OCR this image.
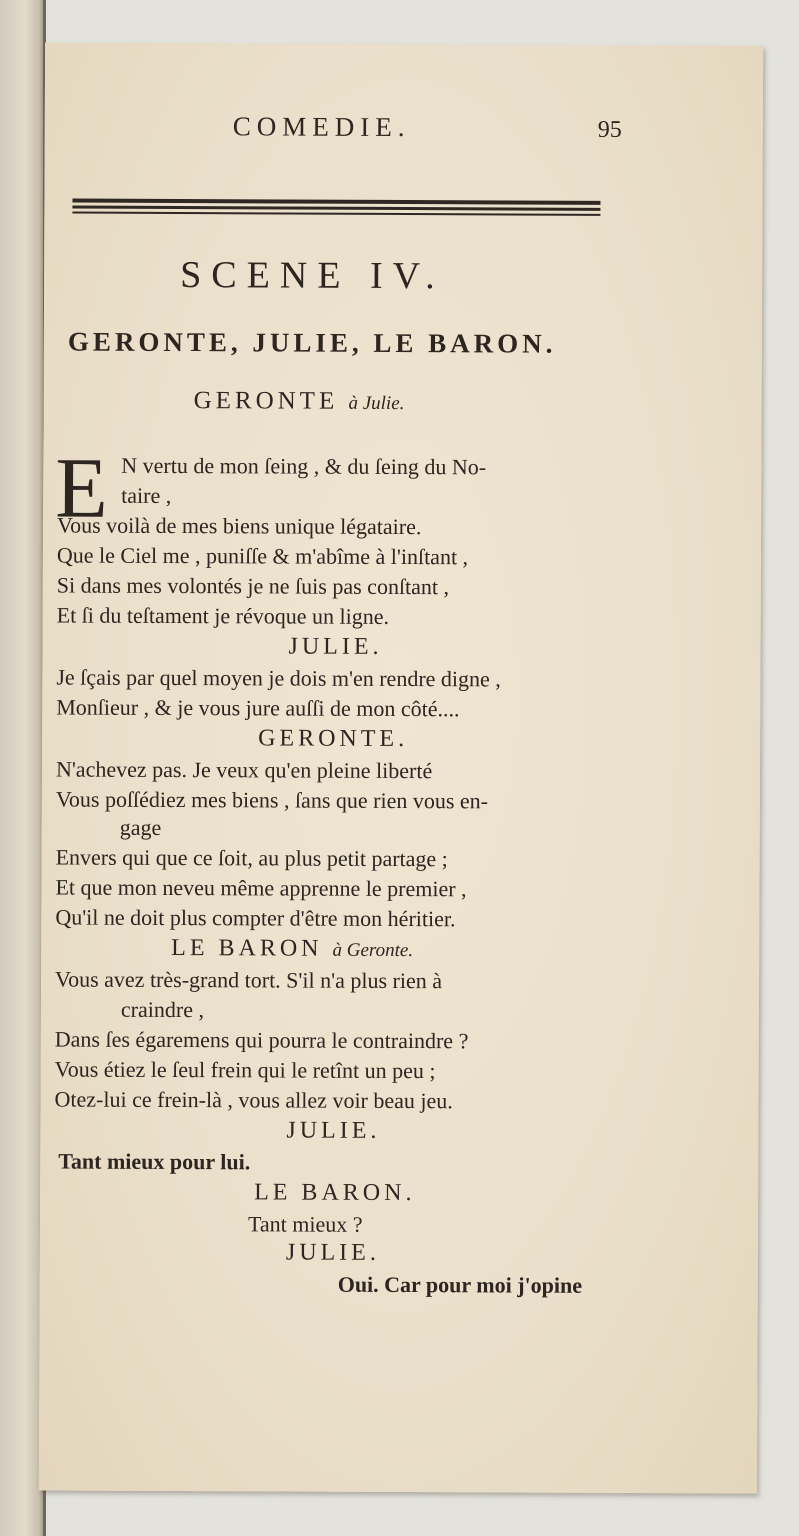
COMEDIE.	95
SCENE IV.
GERONTE, JULIE, LE BARON.
GERONTE à Julie.
E N vertu de mon ſeing , & du ſeing du No-
taire ,
Vous voilà de mes biens unique légataire.
Que le Ciel me , puniſſe & m'abîme à l'inſtant ,
Si dans mes volontés je ne ſuis pas conſtant ,
Et ſi du teſtament je révoque un ligne.
JULIE.
Je ſçais par quel moyen je dois m'en rendre digne ,
Monſieur , & je vous jure auſſi de mon côté....
GERONTE.
N'achevez pas. Je veux qu'en pleine liberté
Vous poſſédiez mes biens , ſans que rien vous en-
gage
Envers qui que ce ſoit, au plus petit partage ;
Et que mon neveu même apprenne le premier ,
Qu'il ne doit plus compter d'être mon héritier.
LE BARON à Geronte.
Vous avez très-grand tort. S'il n'a plus rien à
craindre ,
Dans ſes égaremens qui pourra le contraindre ?
Vous étiez le ſeul frein qui le retînt un peu ;
Otez-lui ce frein-là , vous allez voir beau jeu.
JULIE.
Tant mieux pour lui.
LE BARON.
Tant mieux ?
JULIE.
Oui. Car pour moi j'opine
